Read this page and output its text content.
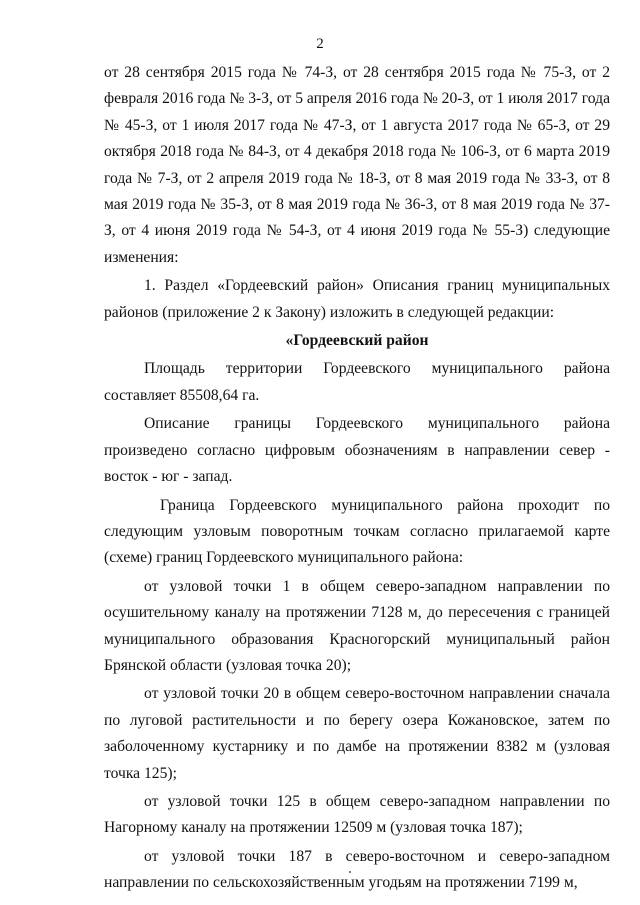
2

от 28 сентября 2015 года № 74-З, от 28 сентября 2015 года № 75-З, от 2 февраля 2016 года № 3-З, от 5 апреля 2016 года № 20-З, от 1 июля 2017 года № 45-З, от 1 июля 2017 года № 47-З, от 1 августа 2017 года № 65-З, от 29 октября 2018 года № 84-З, от 4 декабря 2018 года № 106-З, от 6 марта 2019 года № 7-З, от 2 апреля 2019 года № 18-З, от 8 мая 2019 года № 33-З, от 8 мая 2019 года № 35-З, от 8 мая 2019 года № 36-З, от 8 мая 2019 года № 37-З, от 4 июня 2019 года № 54-З, от 4 июня 2019 года № 55-З) следующие изменения:

1. Раздел «Гордеевский район» Описания границ муниципальных районов (приложение 2 к Закону) изложить в следующей редакции:

«Гордеевский район

Площадь территории Гордеевского муниципального района составляет 85508,64 га.

Описание границы Гордеевского муниципального района произведено согласно цифровым обозначениям в направлении север - восток - юг - запад.

Граница Гордеевского муниципального района проходит по следующим узловым поворотным точкам согласно прилагаемой карте (схеме) границ Гордеевского муниципального района:

от узловой точки 1 в общем северо-западном направлении по осушительному каналу на протяжении 7128 м, до пересечения с границей муниципального образования Красногорский муниципальный район Брянской области (узловая точка 20);

от узловой точки 20 в общем северо-восточном направлении сначала по луговой растительности и по берегу озера Кожановское, затем по заболоченному кустарнику и по дамбе на протяжении 8382 м (узловая точка 125);

от узловой точки 125 в общем северо-западном направлении по Нагорному каналу на протяжении 12509 м (узловая точка 187);

от узловой точки 187 в северо-восточном и северо-западном направлении по сельскохозяйственным угодьям на протяжении 7199 м,
